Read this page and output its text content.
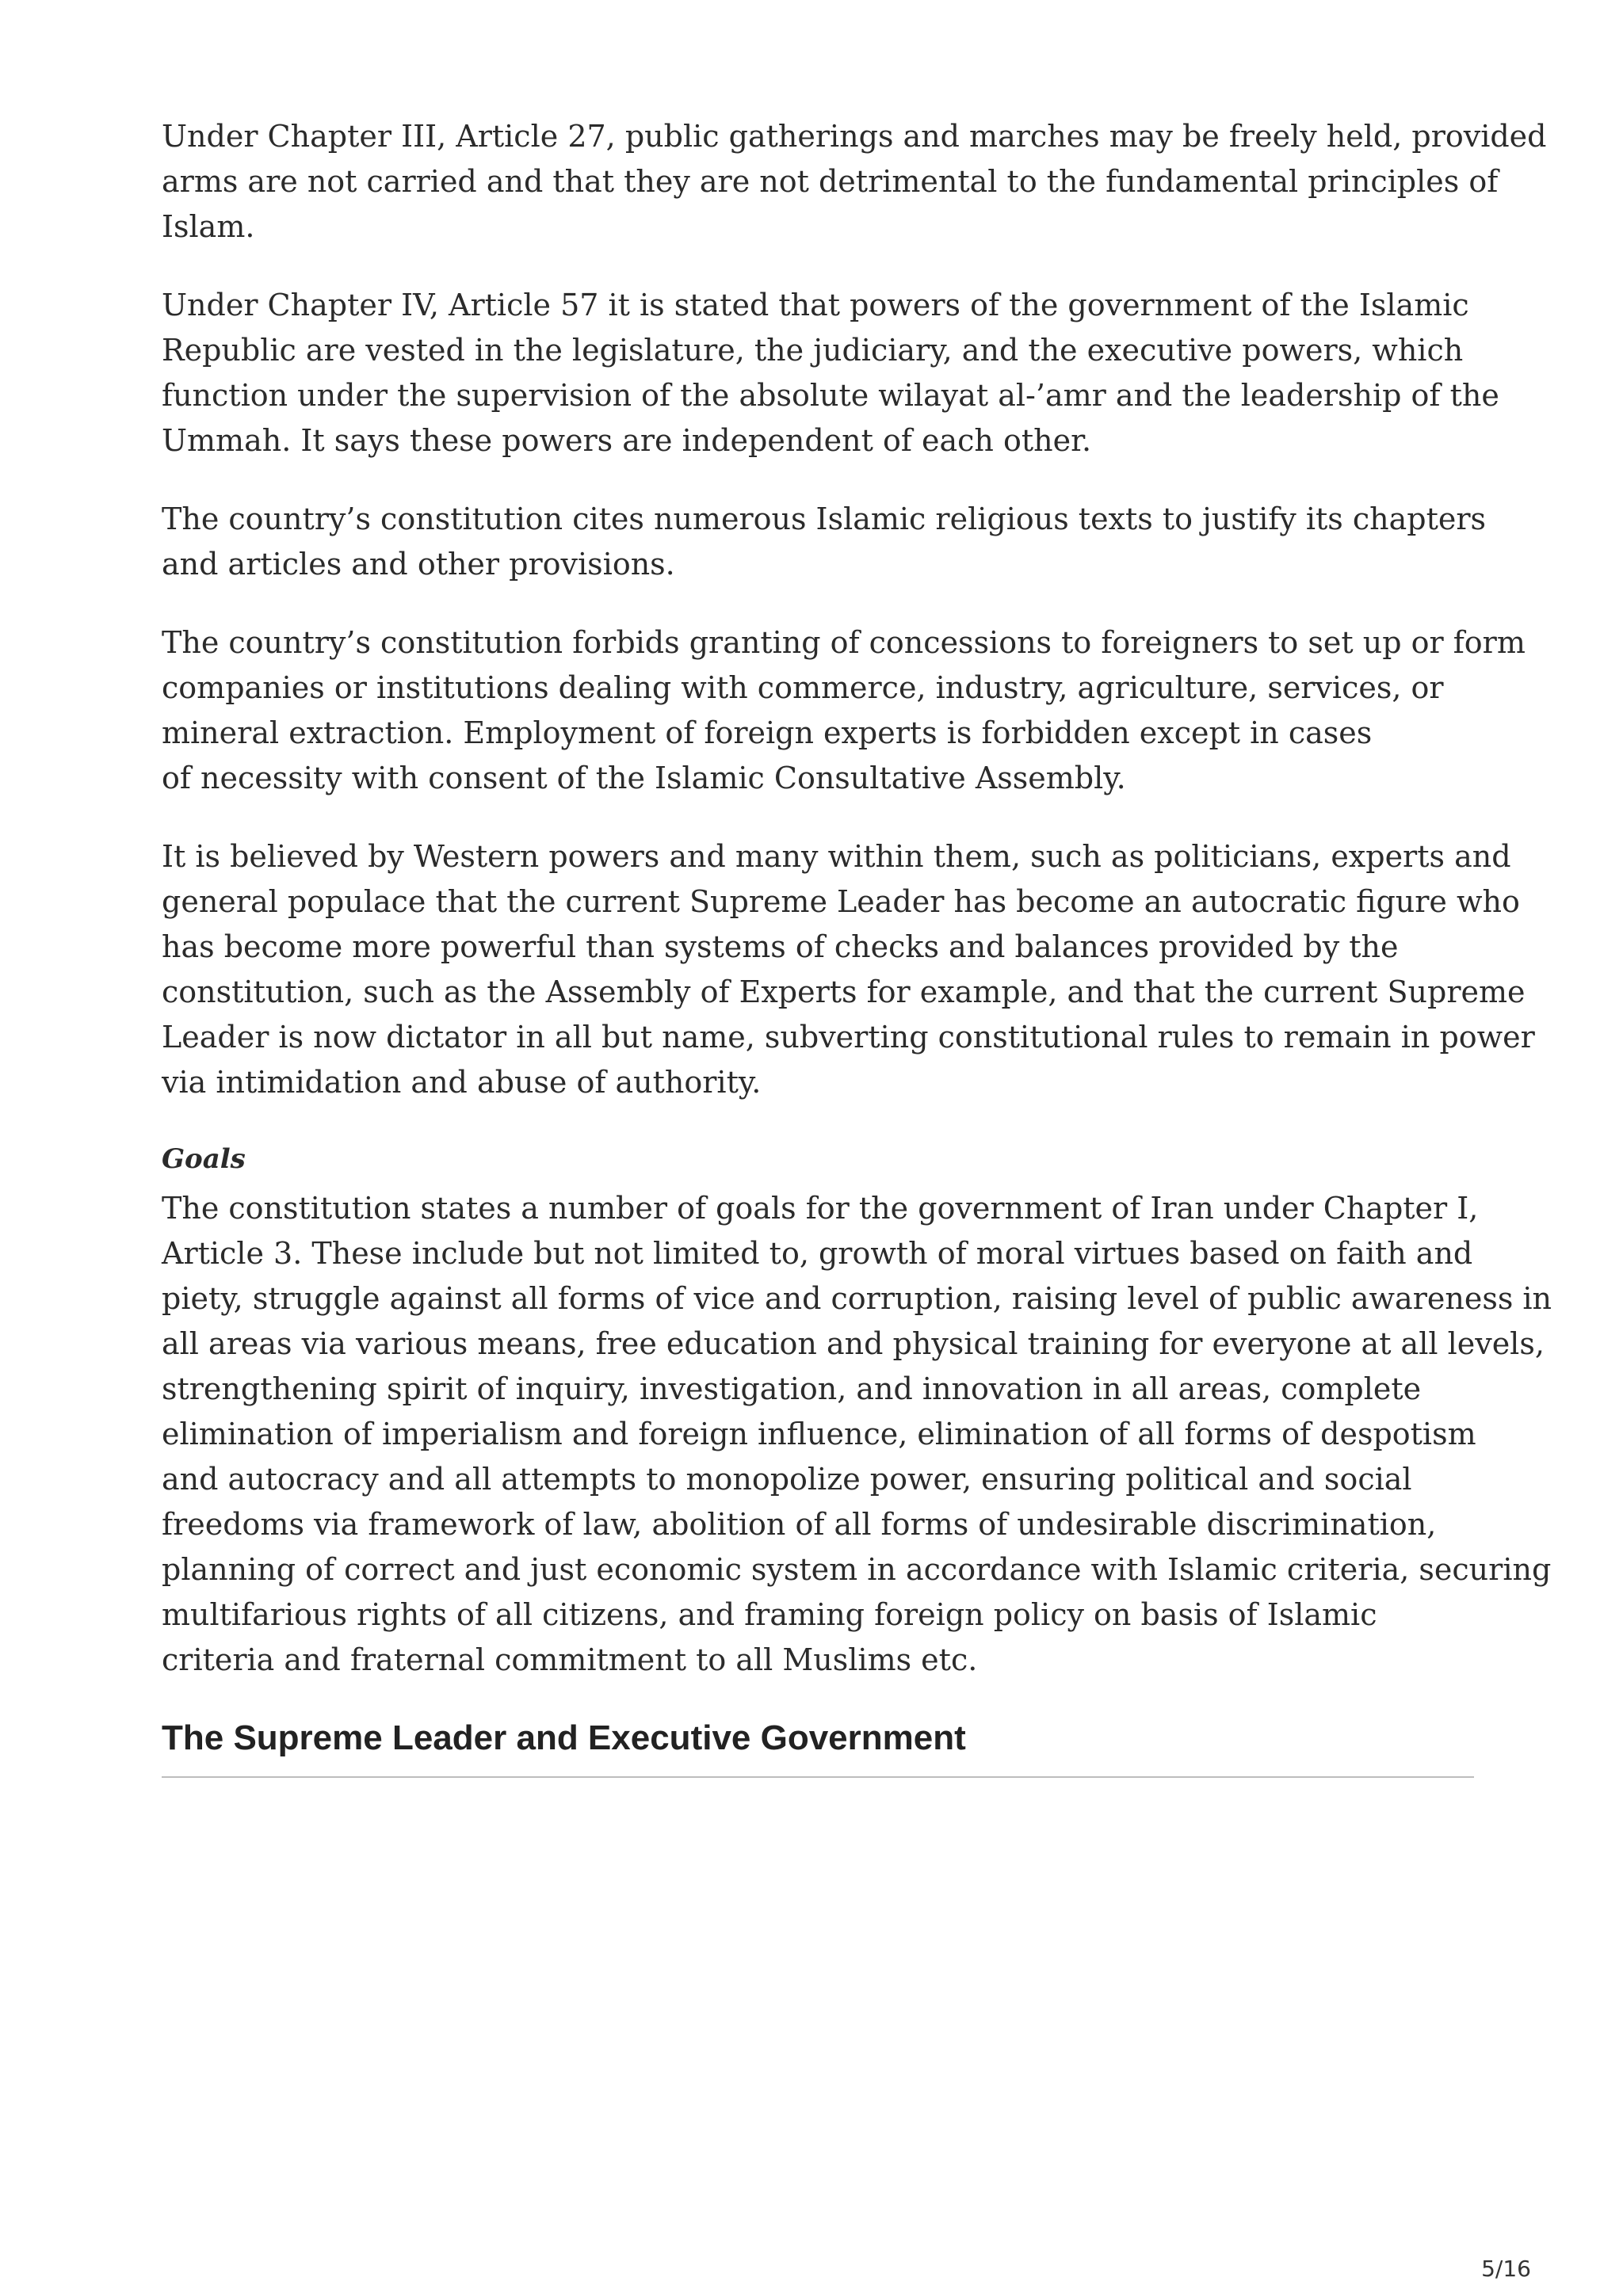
Under Chapter III, Article 27, public gatherings and marches may be freely held, provided
arms are not carried and that they are not detrimental to the fundamental principles of
Islam.

Under Chapter IV, Article 57 it is stated that powers of the government of the Islamic
Republic are vested in the legislature, the judiciary, and the executive powers, which
function under the supervision of the absolute wilayat al-’amr and the leadership of the
Ummah. It says these powers are independent of each other.

The country’s constitution cites numerous Islamic religious texts to justify its chapters
and articles and other provisions.

The country’s constitution forbids granting of concessions to foreigners to set up or form
companies or institutions dealing with commerce, industry, agriculture, services, or
mineral extraction. Employment of foreign experts is forbidden except in cases
of necessity with consent of the Islamic Consultative Assembly.

It is believed by Western powers and many within them, such as politicians, experts and
general populace that the current Supreme Leader has become an autocratic figure who
has become more powerful than systems of checks and balances provided by the
constitution, such as the Assembly of Experts for example, and that the current Supreme
Leader is now dictator in all but name, subverting constitutional rules to remain in power
via intimidation and abuse of authority.

Goals

The constitution states a number of goals for the government of Iran under Chapter I,
Article 3. These include but not limited to, growth of moral virtues based on faith and
piety, struggle against all forms of vice and corruption, raising level of public awareness in
all areas via various means, free education and physical training for everyone at all levels,
strengthening spirit of inquiry, investigation, and innovation in all areas, complete
elimination of imperialism and foreign influence, elimination of all forms of despotism
and autocracy and all attempts to monopolize power, ensuring political and social
freedoms via framework of law, abolition of all forms of undesirable discrimination,
planning of correct and just economic system in accordance with Islamic criteria, securing
multifarious rights of all citizens, and framing foreign policy on basis of Islamic
criteria and fraternal commitment to all Muslims etc.

The Supreme Leader and Executive Government
5/16
